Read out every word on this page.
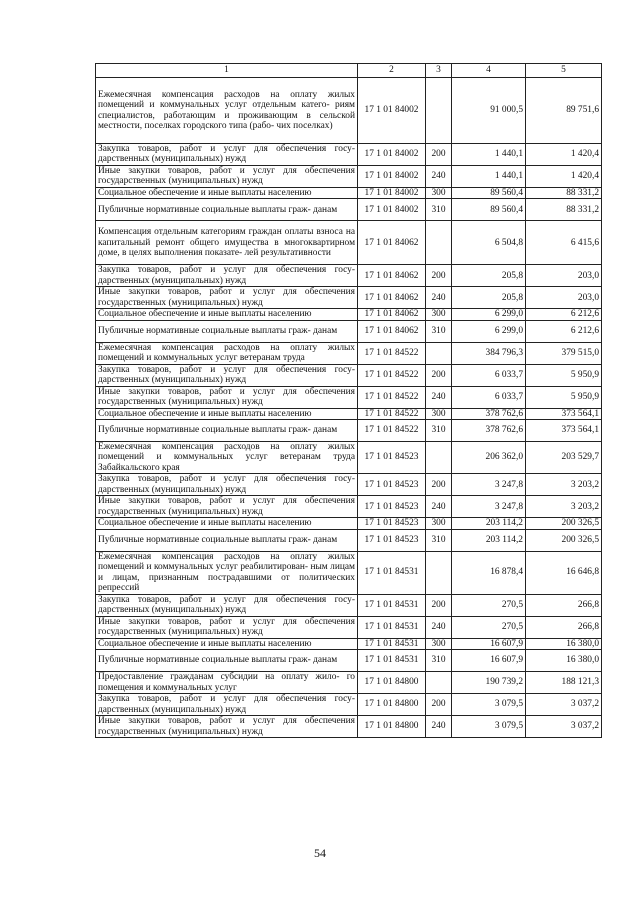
1	2	3	4	5
Ежемесячная компенсация расходов на оплату жилых помещений и коммунальных услуг отдельным катего- риям специалистов, работающим и проживающим в сельской местности, поселках городского типа (рабо- чих поселках)	17 1 01 84002		91 000,5	89 751,6
Закупка товаров, работ и услуг для обеспечения госу- дарственных (муниципальных) нужд	17 1 01 84002	200	1 440,1	1 420,4
Иные закупки товаров, работ и услуг для обеспечения государственных (муниципальных) нужд	17 1 01 84002	240	1 440,1	1 420,4
Социальное обеспечение и иные выплаты населению	17 1 01 84002	300	89 560,4	88 331,2
Публичные нормативные социальные выплаты граж- данам	17 1 01 84002	310	89 560,4	88 331,2
Компенсация отдельным категориям граждан оплаты взноса на капитальный ремонт общего имущества в многоквартирном доме, в целях выполнения показате- лей результативности	17 1 01 84062		6 504,8	6 415,6
Закупка товаров, работ и услуг для обеспечения госу- дарственных (муниципальных) нужд	17 1 01 84062	200	205,8	203,0
Иные закупки товаров, работ и услуг для обеспечения государственных (муниципальных) нужд	17 1 01 84062	240	205,8	203,0
Социальное обеспечение и иные выплаты населению	17 1 01 84062	300	6 299,0	6 212,6
Публичные нормативные социальные выплаты граж- данам	17 1 01 84062	310	6 299,0	6 212,6
Ежемесячная компенсация расходов на оплату жилых помещений и коммунальных услуг ветеранам труда	17 1 01 84522		384 796,3	379 515,0
Закупка товаров, работ и услуг для обеспечения госу- дарственных (муниципальных) нужд	17 1 01 84522	200	6 033,7	5 950,9
Иные закупки товаров, работ и услуг для обеспечения государственных (муниципальных) нужд	17 1 01 84522	240	6 033,7	5 950,9
Социальное обеспечение и иные выплаты населению	17 1 01 84522	300	378 762,6	373 564,1
Публичные нормативные социальные выплаты граж- данам	17 1 01 84522	310	378 762,6	373 564,1
Ежемесячная компенсация расходов на оплату жилых помещений и коммунальных услуг ветеранам труда Забайкальского края	17 1 01 84523		206 362,0	203 529,7
Закупка товаров, работ и услуг для обеспечения госу- дарственных (муниципальных) нужд	17 1 01 84523	200	3 247,8	3 203,2
Иные закупки товаров, работ и услуг для обеспечения государственных (муниципальных) нужд	17 1 01 84523	240	3 247,8	3 203,2
Социальное обеспечение и иные выплаты населению	17 1 01 84523	300	203 114,2	200 326,5
Публичные нормативные социальные выплаты граж- данам	17 1 01 84523	310	203 114,2	200 326,5
Ежемесячная компенсация расходов на оплату жилых помещений и коммунальных услуг реабилитирован- ным лицам и лицам, признанным пострадавшими от политических репрессий	17 1 01 84531		16 878,4	16 646,8
Закупка товаров, работ и услуг для обеспечения госу- дарственных (муниципальных) нужд	17 1 01 84531	200	270,5	266,8
Иные закупки товаров, работ и услуг для обеспечения государственных (муниципальных) нужд	17 1 01 84531	240	270,5	266,8
Социальное обеспечение и иные выплаты населению	17 1 01 84531	300	16 607,9	16 380,0
Публичные нормативные социальные выплаты граж- данам	17 1 01 84531	310	16 607,9	16 380,0
Предоставление гражданам субсидии на оплату жило- го помещения и коммунальных услуг	17 1 01 84800		190 739,2	188 121,3
Закупка товаров, работ и услуг для обеспечения госу- дарственных (муниципальных) нужд	17 1 01 84800	200	3 079,5	3 037,2
Иные закупки товаров, работ и услуг для обеспечения государственных (муниципальных) нужд	17 1 01 84800	240	3 079,5	3 037,2
54
